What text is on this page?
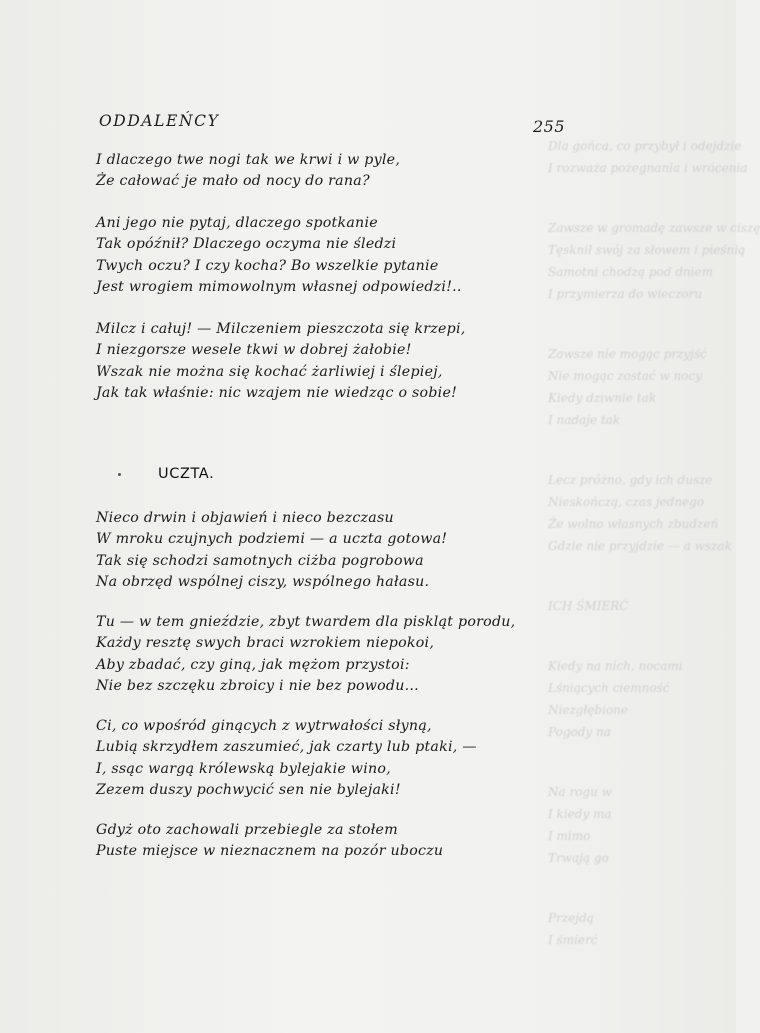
Dla gońca, co przybył i odejdzie
I rozważa pożegnania i wrócenia
Zawsze w gromadę zawsze w ciszę
Tęsknił swój za słowem i pieśnią
Samotni chodzą pod dniem
I przymierza do wieczoru
Zawsze nie mogąc przyjść
Nie mogąc zostać w nocy
Kiedy dziwnie tak
I nadaje tak
Lecz próżno, gdy ich dusze
Nieskończą, czas jednego
Że wolno własnych zbudzeń
Gdzie nie przyjdzie — a wszak
ICH ŚMIERĆ
Kiedy na nich, nocami
Lśniących ciemność
Niezgłębione
Pogody na
Na rogu w
I kiedy ma
I mimo
Trwają go
Przejdą
I śmierć
ODDALEŃCY	255
I dlaczego twe nogi tak we krwi i w pyle,
Że całować je mało od nocy do rana?
Ani jego nie pytaj, dlaczego spotkanie
Tak opóźnił? Dlaczego oczyma nie śledzi
Twych oczu? I czy kocha? Bo wszelkie pytanie
Jest wrogiem mimowolnym własnej odpowiedzi!..
Milcz i całuj! — Milczeniem pieszczota się krzepi,
I niezgorsze wesele tkwi w dobrej żałobie!
Wszak nie można się kochać żarliwiej i ślepiej,
Jak tak właśnie: nic wzajem nie wiedząc o sobie!
UCZTA.
Nieco drwin i objawień i nieco bezczasu
W mroku czujnych podziemi — a uczta gotowa!
Tak się schodzi samotnych ciżba pogrobowa
Na obrzęd wspólnej ciszy, wspólnego hałasu.
Tu — w tem gnieździe, zbyt twardem dla piskląt porodu,
Każdy resztę swych braci wzrokiem niepokoi,
Aby zbadać, czy giną, jak mężom przystoi:
Nie bez szczęku zbroicy i nie bez powodu...
Ci, co wpośród ginących z wytrwałości słyną,
Lubią skrzydłem zaszumieć, jak czarty lub ptaki, —
I, ssąc wargą królewską bylejakie wino,
Zezem duszy pochwycić sen nie bylejaki!
Gdyż oto zachowali przebiegle za stołem
Puste miejsce w nieznacznem na pozór uboczu
